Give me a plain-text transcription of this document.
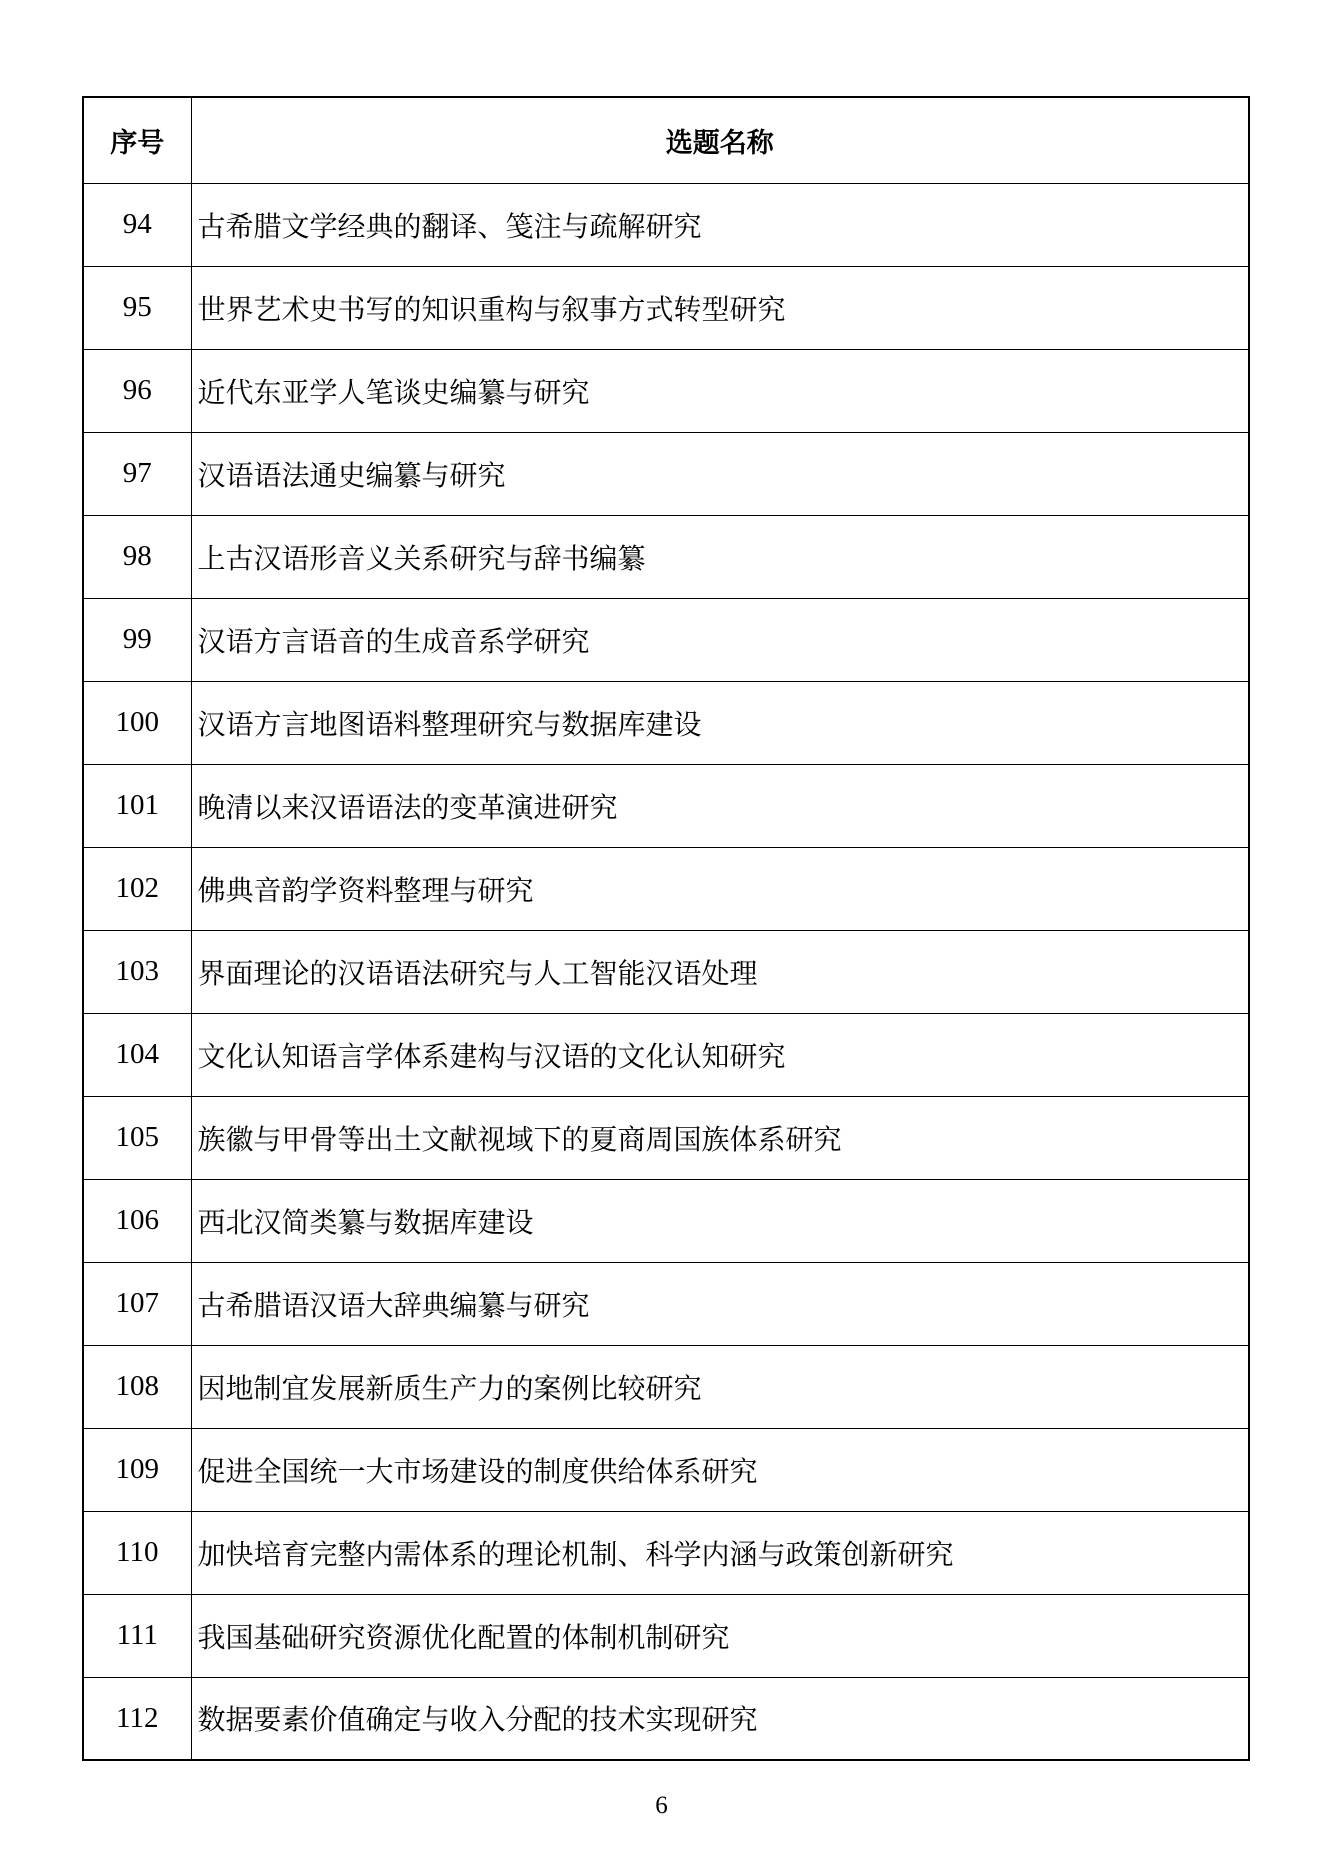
序号	选题名称
94	古希腊文学经典的翻译、笺注与疏解研究
95	世界艺术史书写的知识重构与叙事方式转型研究
96	近代东亚学人笔谈史编纂与研究
97	汉语语法通史编纂与研究
98	上古汉语形音义关系研究与辞书编纂
99	汉语方言语音的生成音系学研究
100	汉语方言地图语料整理研究与数据库建设
101	晚清以来汉语语法的变革演进研究
102	佛典音韵学资料整理与研究
103	界面理论的汉语语法研究与人工智能汉语处理
104	文化认知语言学体系建构与汉语的文化认知研究
105	族徽与甲骨等出土文献视域下的夏商周国族体系研究
106	西北汉简类纂与数据库建设
107	古希腊语汉语大辞典编纂与研究
108	因地制宜发展新质生产力的案例比较研究
109	促进全国统一大市场建设的制度供给体系研究
110	加快培育完整内需体系的理论机制、科学内涵与政策创新研究
111	我国基础研究资源优化配置的体制机制研究
112	数据要素价值确定与收入分配的技术实现研究
6
